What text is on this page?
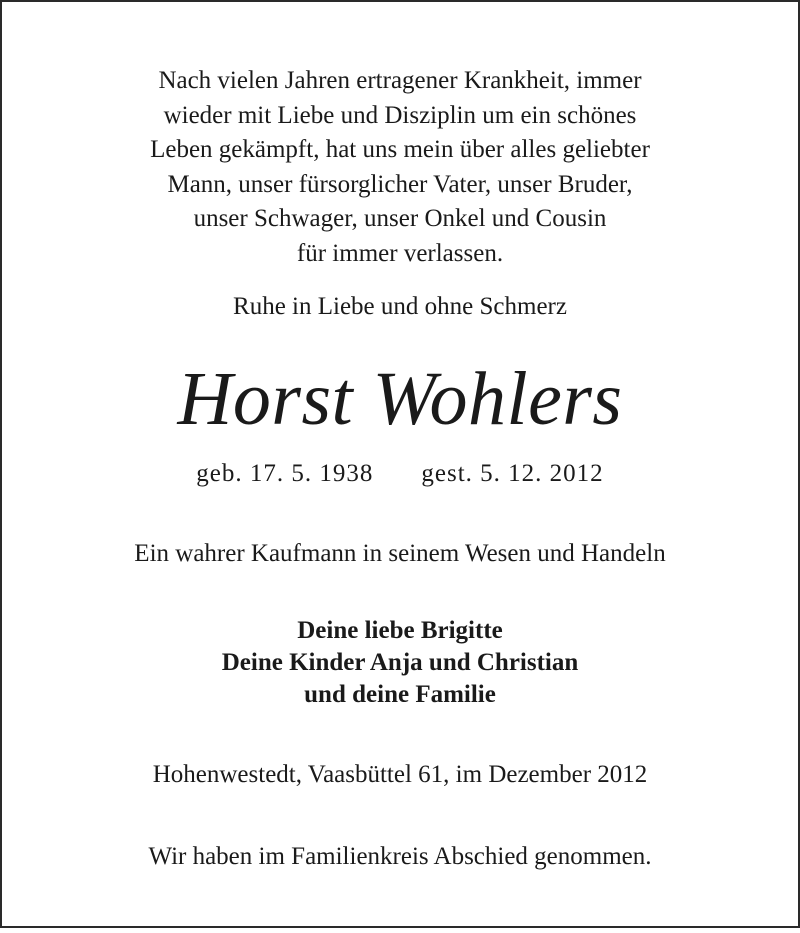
Nach vielen Jahren ertragener Krankheit, immer
wieder mit Liebe und Disziplin um ein schönes
Leben gekämpft, hat uns mein über alles geliebter
Mann, unser fürsorglicher Vater, unser Bruder,
unser Schwager, unser Onkel und Cousin
für immer verlassen.
Ruhe in Liebe und ohne Schmerz
Horst Wohlers
geb. 17. 5. 1938 gest. 5. 12. 2012
Ein wahrer Kaufmann in seinem Wesen und Handeln
Deine liebe Brigitte
Deine Kinder Anja und Christian
und deine Familie
Hohenwestedt, Vaasbüttel 61, im Dezember 2012
Wir haben im Familienkreis Abschied genommen.
